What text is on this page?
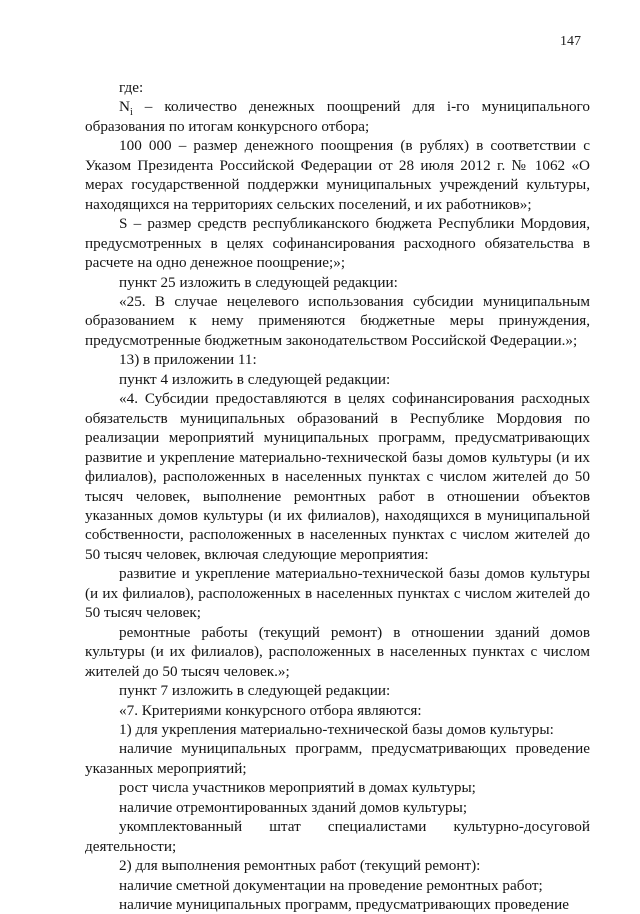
147

где:

$N_i$ – количество денежных поощрений для i-го муниципального образования по итогам конкурсного отбора;

100 000 – размер денежного поощрения (в рублях) в соответствии с Указом Президента Российской Федерации от 28 июля 2012 г. № 1062 «О мерах государственной поддержки муниципальных учреждений культуры, находящихся на территориях сельских поселений, и их работников»;

S – размер средств республиканского бюджета Республики Мордовия, предусмотренных в целях софинансирования расходного обязательства в расчете на одно денежное поощрение;»;

пункт 25 изложить в следующей редакции:

«25. В случае нецелевого использования субсидии муниципальным образованием к нему применяются бюджетные меры принуждения, предусмотренные бюджетным законодательством Российской Федерации.»;

13) в приложении 11:

пункт 4 изложить в следующей редакции:

«4. Субсидии предоставляются в целях софинансирования расходных обязательств муниципальных образований в Республике Мордовия по реализации мероприятий муниципальных программ, предусматривающих развитие и укрепление материально-технической базы домов культуры (и их филиалов), расположенных в населенных пунктах с числом жителей до 50 тысяч человек, выполнение ремонтных работ в отношении объектов указанных домов культуры (и их филиалов), находящихся в муниципальной собственности, расположенных в населенных пунктах с числом жителей до 50 тысяч человек, включая следующие мероприятия:

развитие и укрепление материально-технической базы домов культуры (и их филиалов), расположенных в населенных пунктах с числом жителей до 50 тысяч человек;

ремонтные работы (текущий ремонт) в отношении зданий домов культуры (и их филиалов), расположенных в населенных пунктах с числом жителей до 50 тысяч человек.»;

пункт 7 изложить в следующей редакции:

«7. Критериями конкурсного отбора являются:

1) для укрепления материально-технической базы домов культуры:

наличие муниципальных программ, предусматривающих проведение указанных мероприятий;

рост числа участников мероприятий в домах культуры;

наличие отремонтированных зданий домов культуры;

укомплектованный штат специалистами культурно-досуговой деятельности;

2) для выполнения ремонтных работ (текущий ремонт):

наличие сметной документации на проведение ремонтных работ;

наличие муниципальных программ, предусматривающих проведение
